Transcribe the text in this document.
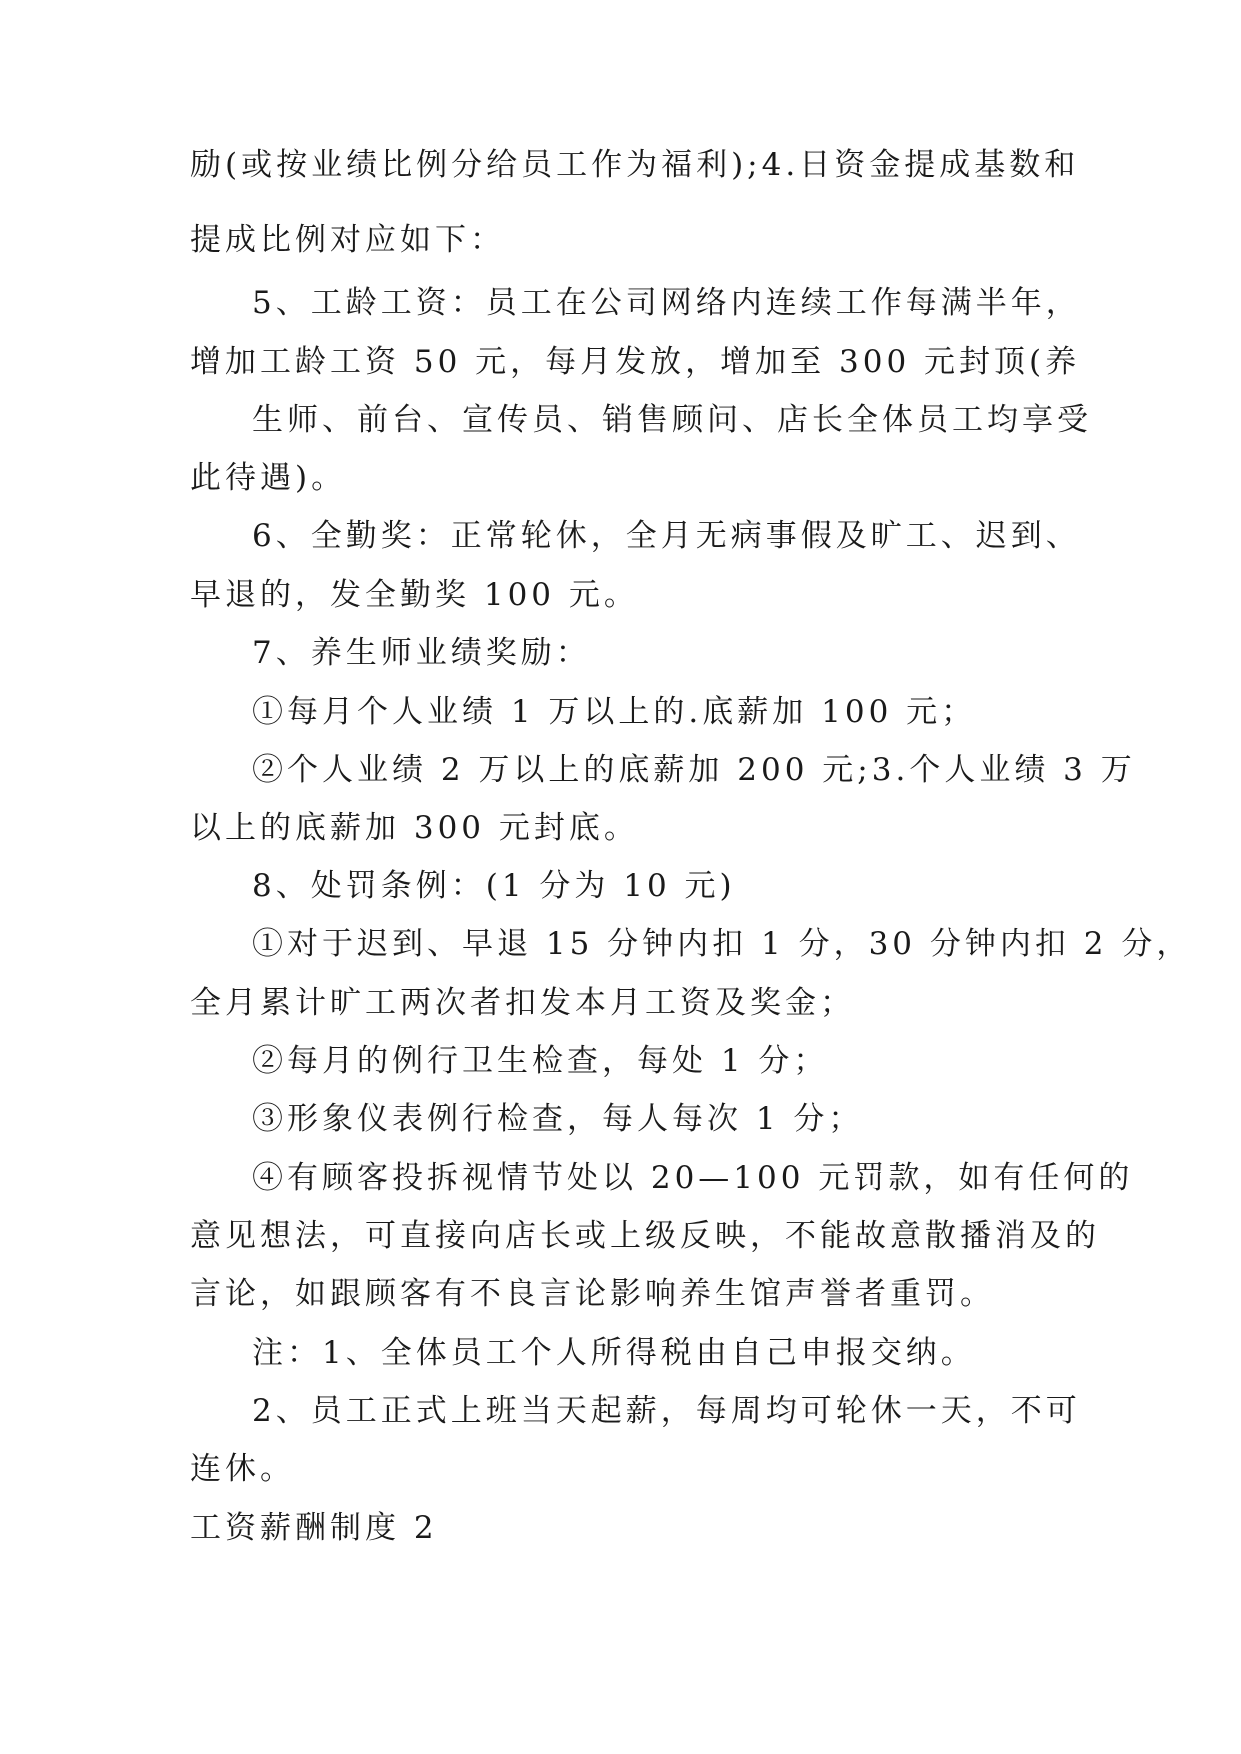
励(或按业绩比例分给员工作为福利);4.日资金提成基数和
提成比例对应如下：
5、工龄工资：员工在公司网络内连续工作每满半年，
增加工龄工资 50 元，每月发放，增加至 300 元封顶(养
生师、前台、宣传员、销售顾问、店长全体员工均享受
此待遇)。
6、全勤奖：正常轮休，全月无病事假及旷工、迟到、
早退的，发全勤奖 100 元。
7、养生师业绩奖励：
①每月个人业绩 1 万以上的.底薪加 100 元；
②个人业绩 2 万以上的底薪加 200 元;3.个人业绩 3 万
以上的底薪加 300 元封底。
8、处罚条例：(1 分为 10 元)
①对于迟到、早退 15 分钟内扣 1 分，30 分钟内扣 2 分，
全月累计旷工两次者扣发本月工资及奖金；
②每月的例行卫生检查，每处 1 分；
③形象仪表例行检查，每人每次 1 分；
④有顾客投拆视情节处以 20—100 元罚款，如有任何的
意见想法，可直接向店长或上级反映，不能故意散播消及的
言论，如跟顾客有不良言论影响养生馆声誉者重罚。
注：1、全体员工个人所得税由自己申报交纳。
2、员工正式上班当天起薪，每周均可轮休一天，不可
连休。
工资薪酬制度 2
